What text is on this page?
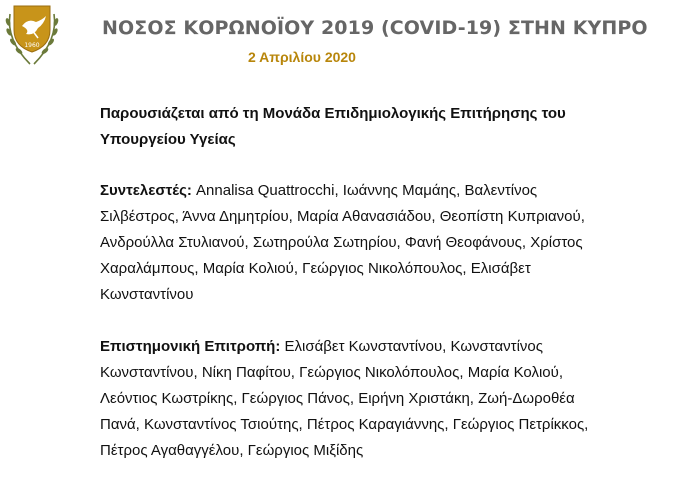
1960
ΝΟΣΟΣ ΚΟΡΩΝΟΪΟΥ 2019 (COVID-19) ΣΤΗΝ ΚΥΠΡΟ
2 Απριλίου 2020

Παρουσιάζεται από τη Μονάδα Επιδημιολογικής Επιτήρησης του Υπουργείου Υγείας

Συντελεστές: Annalisa Quattrocchi, Ιωάννης Μαμάης, Βαλεντίνος Σιλβέστρος, Άννα Δημητρίου, Μαρία Αθανασιάδου, Θεοπίστη Κυπριανού, Ανδρούλλα Στυλιανού, Σωτηρούλα Σωτηρίου, Φανή Θεοφάνους, Χρίστος Χαραλάμπους, Μαρία Κολιού, Γεώργιος Νικολόπουλος, Ελισάβετ Κωνσταντίνου

Επιστημονική Επιτροπή: Ελισάβετ Κωνσταντίνου, Κωνσταντίνος Κωνσταντίνου, Νίκη Παφίτου, Γεώργιος Νικολόπουλος, Μαρία Κολιού, Λεόντιος Κωστρίκης, Γεώργιος Πάνος, Ειρήνη Χριστάκη, Ζωή-Δωροθέα Πανά, Κωνσταντίνος Τσιούτης, Πέτρος Καραγιάννης, Γεώργιος Πετρίκκος, Πέτρος Αγαθαγγέλου, Γεώργιος Μιξίδης
